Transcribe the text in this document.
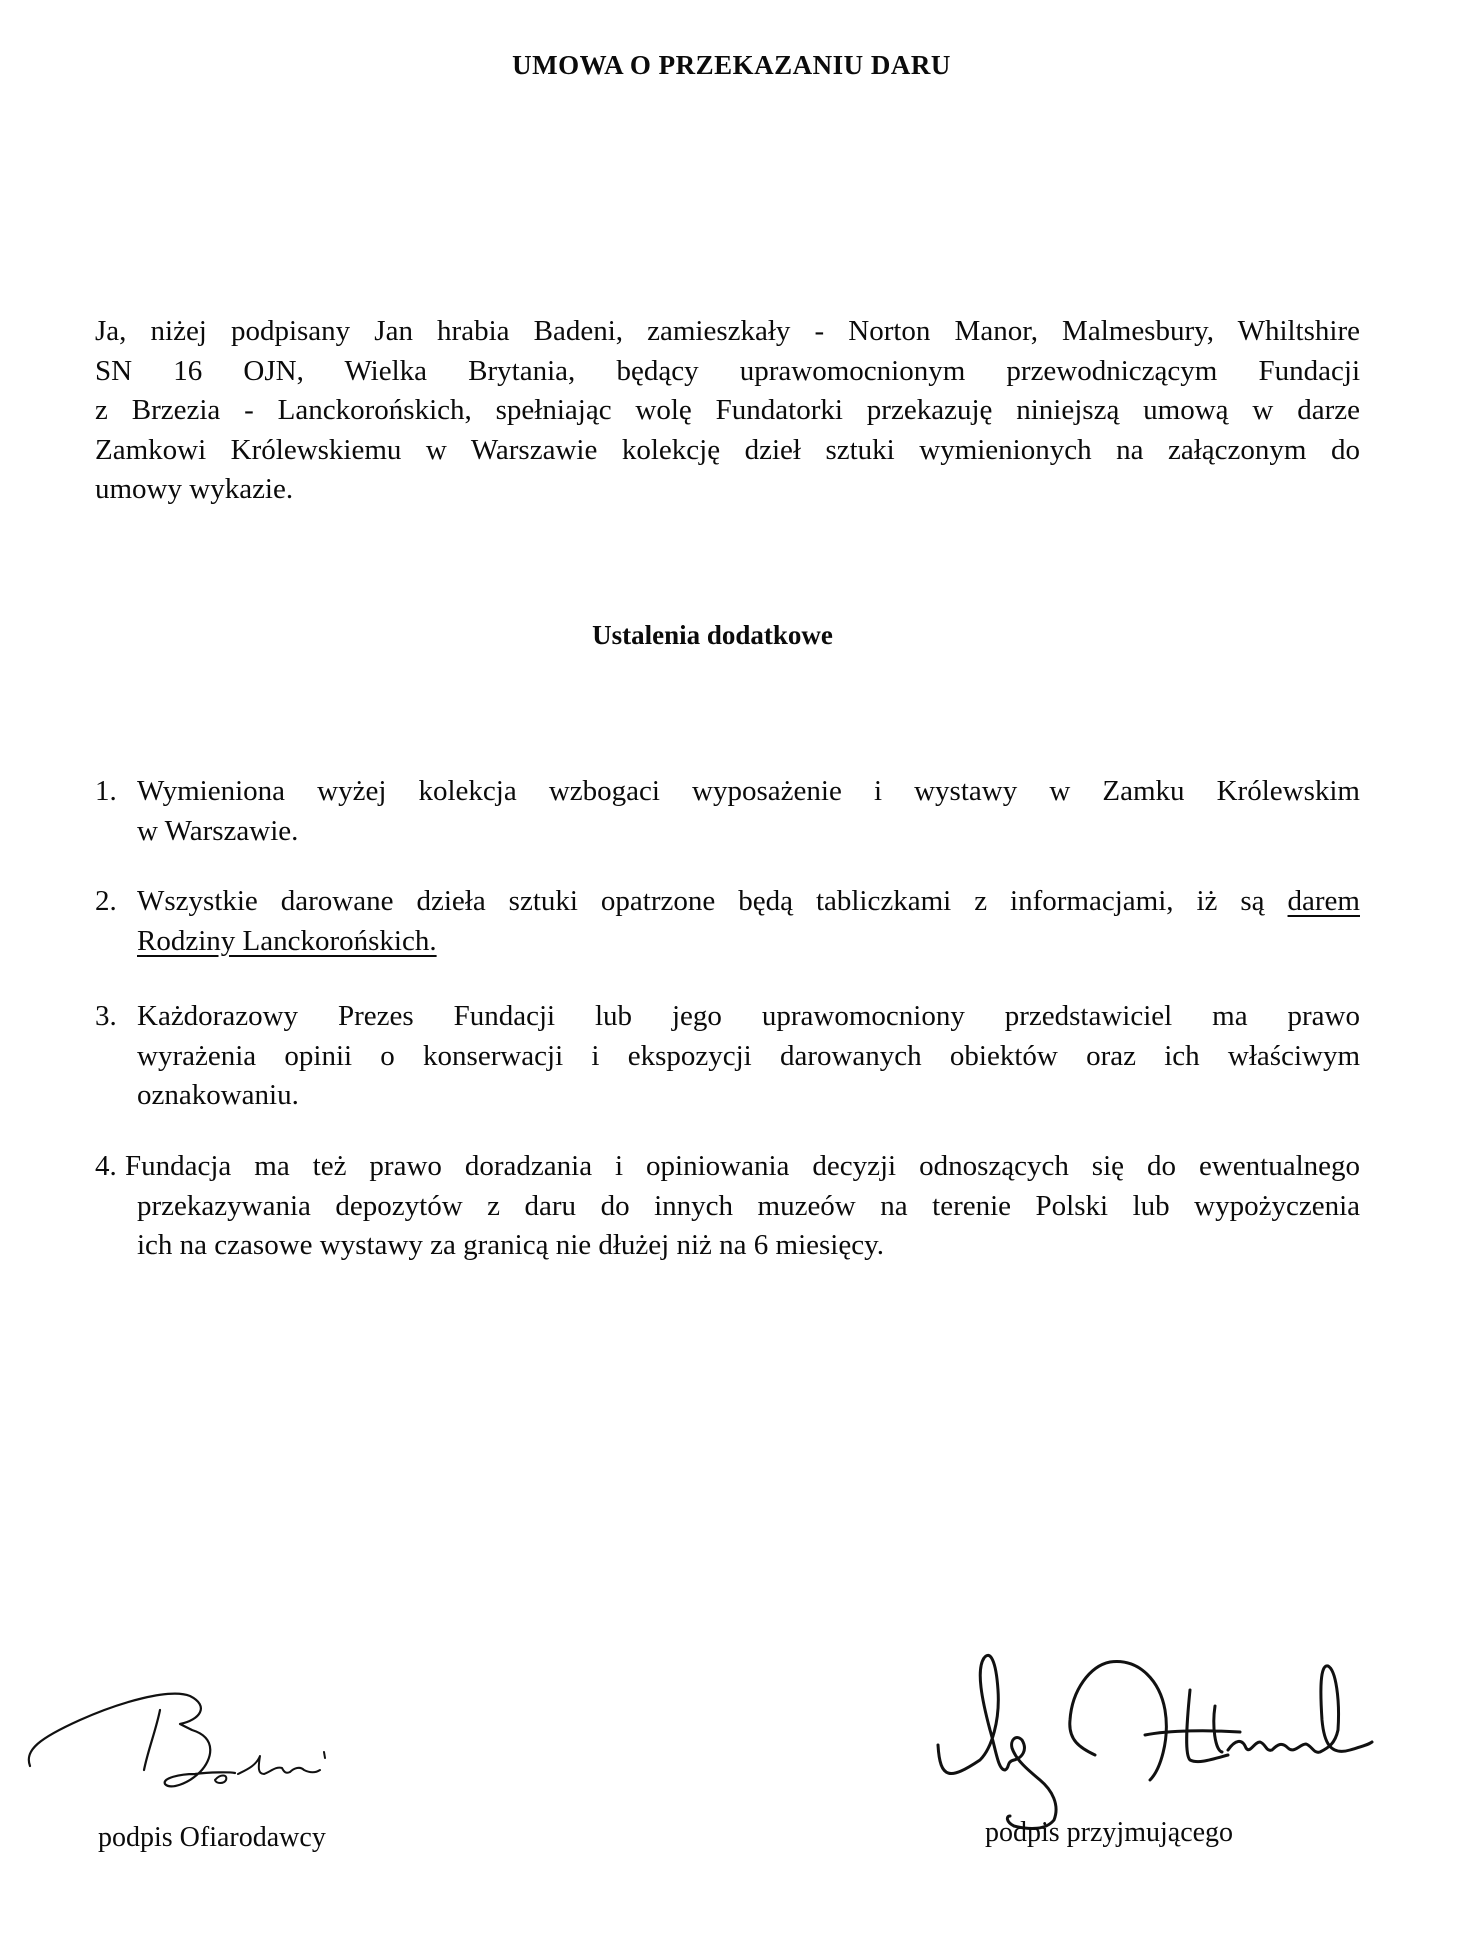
UMOWA O PRZEKAZANIU DARU
Ja, niżej podpisany Jan hrabia Badeni, zamieszkały - Norton Manor, Malmesbury, Whiltshire
SN 16 OJN, Wielka Brytania, będący uprawomocnionym przewodniczącym Fundacji
z Brzezia - Lanckorońskich, spełniając wolę Fundatorki przekazuję niniejszą umową w darze
Zamkowi Królewskiemu w Warszawie kolekcję dzieł sztuki wymienionych na załączonym do
umowy wykazie.
Ustalenia dodatkowe
1. Wymieniona wyżej kolekcja wzbogaci wyposażenie i wystawy w Zamku Królewskim
w Warszawie.
2. Wszystkie darowane dzieła sztuki opatrzone będą tabliczkami z informacjami, iż są darem
Rodziny Lanckorońskich.
3. Każdorazowy Prezes Fundacji lub jego uprawomocniony przedstawiciel ma prawo
wyrażenia opinii o konserwacji i ekspozycji darowanych obiektów oraz ich właściwym
oznakowaniu.
4. Fundacja ma też prawo doradzania i opiniowania decyzji odnoszących się do ewentualnego
przekazywania depozytów z daru do innych muzeów na terenie Polski lub wypożyczenia
ich na czasowe wystawy za granicą nie dłużej niż na 6 miesięcy.
podpis Ofiarodawcy	podpis przyjmującego
